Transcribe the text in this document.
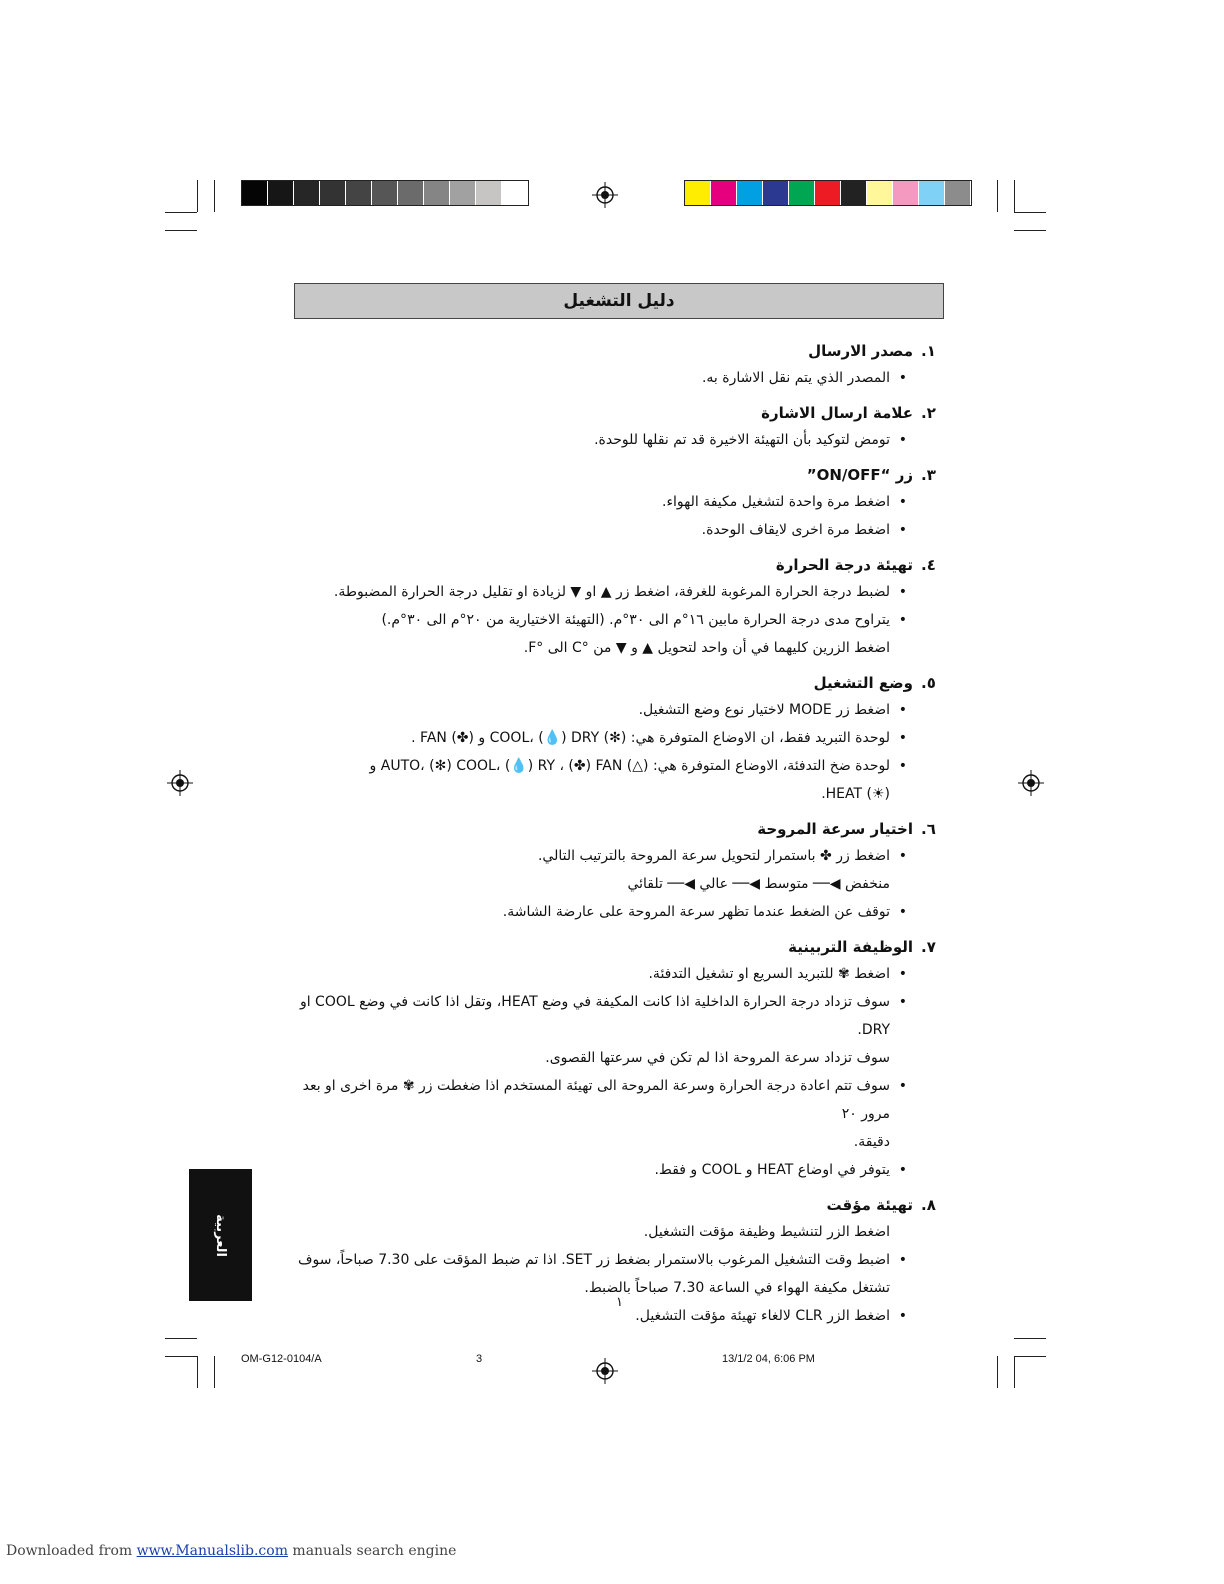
دليل التشغيل
١.
مصدر الارسال
• المصدر الذي يتم نقل الاشارة به.
٢.
علامة ارسال الاشارة
• تومض لتوكيد بأن التهيئة الاخيرة قد تم نقلها للوحدة.
٣.
زر “ON/OFF”
• اضغط مرة واحدة لتشغيل مكيفة الهواء.
• اضغط مرة اخرى لايقاف الوحدة.
٤.
تهيئة درجة الحرارة
• لضبط درجة الحرارة المرغوبة للغرفة، اضغط زر ▲ او ▼ لزيادة او تقليل درجة الحرارة المضبوطة.
• يتراوح مدى درجة الحرارة مابين ١٦°م الى ٣٠°م. (التهيئة الاختيارية من ٢٠°م الى ٣٠°م.)
اضغط الزرين كليهما في أن واحد لتحويل ▲ و ▼ من °C الى °F.
٥.
وضع التشغيل
• اضغط زر MODE لاختيار نوع وضع التشغيل.
• لوحدة التبريد فقط، ان الاوضاع المتوفرة هي: (✻) COOL، (💧) DRY و (✤) FAN .
• لوحدة ضخ التدفئة، الاوضاع المتوفرة هي: (△) AUTO، (✻) COOL، (💧) RY ، (✤) FAN و
(☀) HEAT.
٦.
اختيار سرعة المروحة
• اضغط زر ✤ باستمرار لتحويل سرعة المروحة بالترتيب التالي.
منخفض ◀── متوسط ◀── عالي ◀── تلقائي
• توقف عن الضغط عندما تظهر سرعة المروحة على عارضة الشاشة.
٧.
الوظيفة التربينية
• اضغط ✾ للتبريد السريع او تشغيل التدفئة.
• سوف تزداد درجة الحرارة الداخلية اذا كانت المكيفة في وضع HEAT، وتقل اذا كانت في وضع COOL او
DRY.
سوف تزداد سرعة المروحة اذا لم تكن في سرعتها القصوى.
• سوف تتم اعادة درجة الحرارة وسرعة المروحة الى تهيئة المستخدم اذا ضغطت زر ✾ مرة اخرى او بعد مرور ٢٠
دقيقة.
• يتوفر في اوضاع HEAT و COOL و فقط.
٨.
تهيئة مؤقت
اضغط الزر لتنشيط وظيفة مؤقت التشغيل.
• اضبط وقت التشغيل المرغوب بالاستمرار بضغط زر SET. اذا تم ضبط المؤقت على 7.30 صباحاً، سوف
تشتغل مكيفة الهواء في الساعة 7.30 صباحاً بالضبط.
• اضغط الزر CLR لالغاء تهيئة مؤقت التشغيل.
١
العربية
OM-G12-0104/A	3	13/1/2 04, 6:06 PM
Downloaded from www.Manualslib.com manuals search engine
